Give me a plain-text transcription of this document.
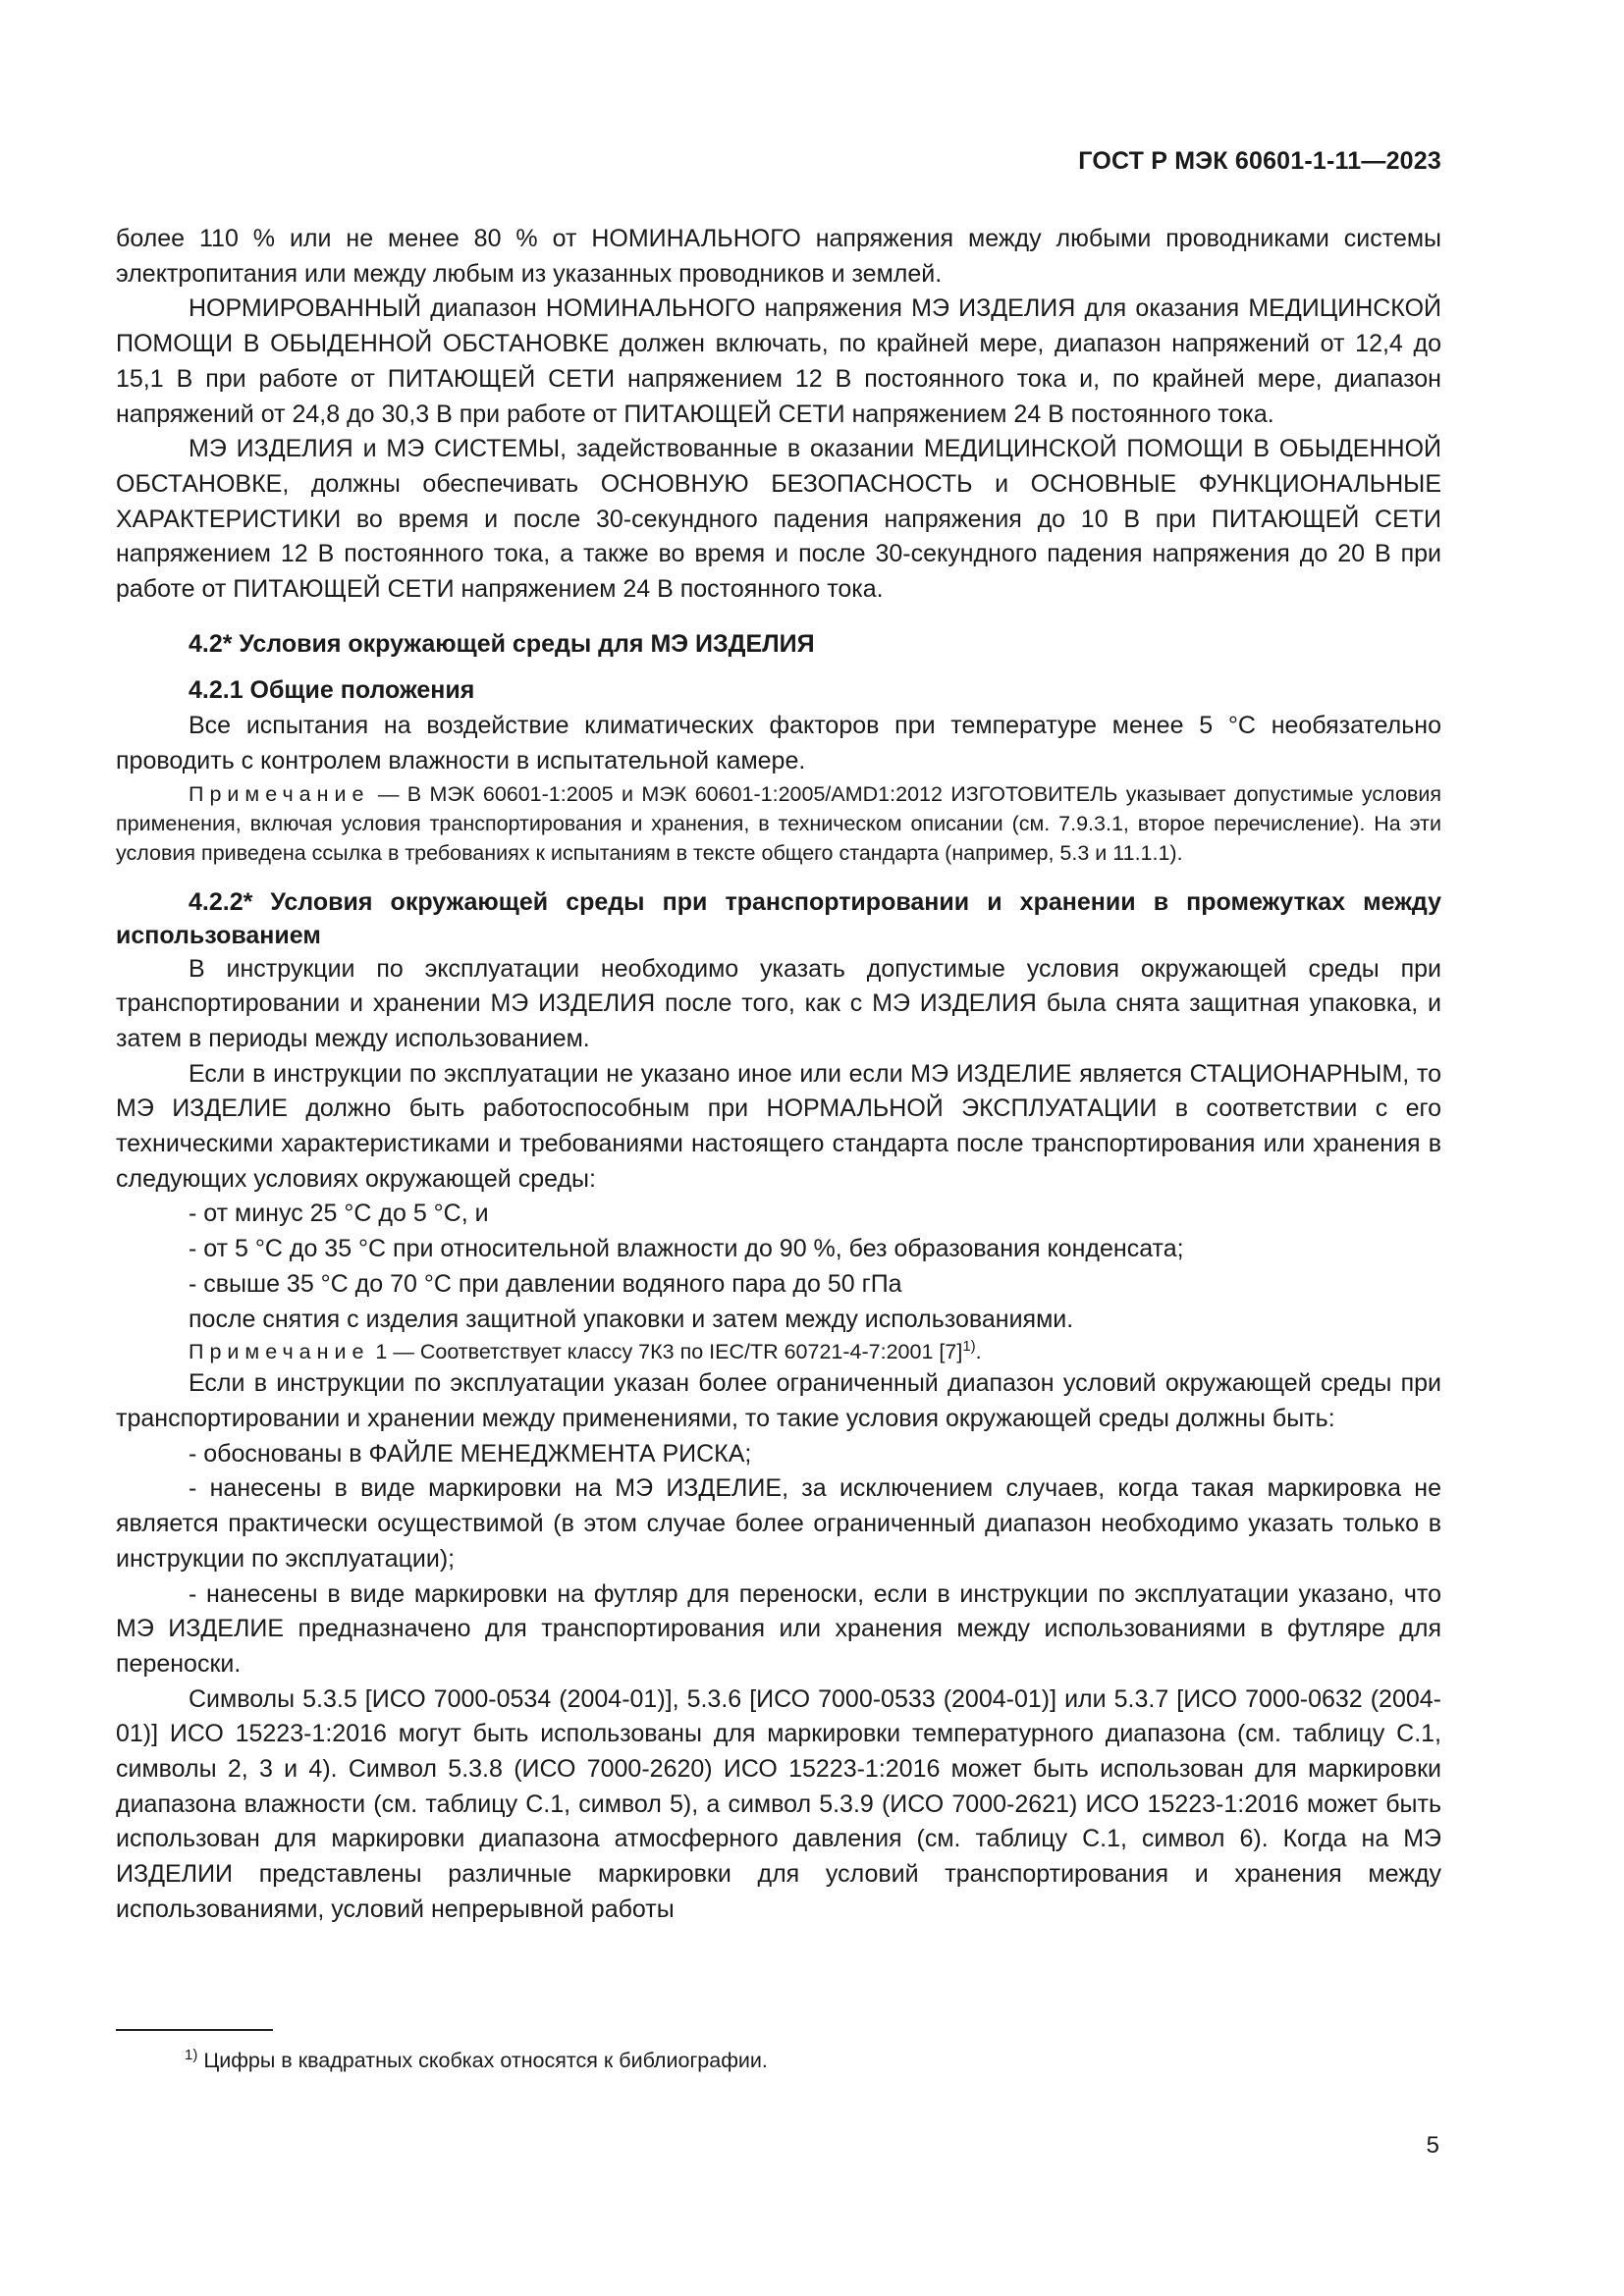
ГОСТ Р МЭК 60601-1-11—2023

более 110 % или не менее 80 % от НОМИНАЛЬНОГО напряжения между любыми проводниками системы электропитания или между любым из указанных проводников и землей.

НОРМИРОВАННЫЙ диапазон НОМИНАЛЬНОГО напряжения МЭ ИЗДЕЛИЯ для оказания МЕДИЦИНСКОЙ ПОМОЩИ В ОБЫДЕННОЙ ОБСТАНОВКЕ должен включать, по крайней мере, диапазон напряжений от 12,4 до 15,1 В при работе от ПИТАЮЩЕЙ СЕТИ напряжением 12 В постоянного тока и, по крайней мере, диапазон напряжений от 24,8 до 30,3 В при работе от ПИТАЮЩЕЙ СЕТИ напряжением 24 В постоянного тока.

МЭ ИЗДЕЛИЯ и МЭ СИСТЕМЫ, задействованные в оказании МЕДИЦИНСКОЙ ПОМОЩИ В ОБЫДЕННОЙ ОБСТАНОВКЕ, должны обеспечивать ОСНОВНУЮ БЕЗОПАСНОСТЬ и ОСНОВНЫЕ ФУНКЦИОНАЛЬНЫЕ ХАРАКТЕРИСТИКИ во время и после 30-секундного падения напряжения до 10 В при ПИТАЮЩЕЙ СЕТИ напряжением 12 В постоянного тока, а также во время и после 30-секундного падения напряжения до 20 В при работе от ПИТАЮЩЕЙ СЕТИ напряжением 24 В постоянного тока.

4.2* Условия окружающей среды для МЭ ИЗДЕЛИЯ

4.2.1 Общие положения

Все испытания на воздействие климатических факторов при температуре менее 5 °С необязательно проводить с контролем влажности в испытательной камере.

Примечание — В МЭК 60601-1:2005 и МЭК 60601-1:2005/AMD1:2012 ИЗГОТОВИТЕЛЬ указывает допустимые условия применения, включая условия транспортирования и хранения, в техническом описании (см. 7.9.3.1, второе перечисление). На эти условия приведена ссылка в требованиях к испытаниям в тексте общего стандарта (например, 5.3 и 11.1.1).

4.2.2* Условия окружающей среды при транспортировании и хранении в промежутках между использованием

В инструкции по эксплуатации необходимо указать допустимые условия окружающей среды при транспортировании и хранении МЭ ИЗДЕЛИЯ после того, как с МЭ ИЗДЕЛИЯ была снята защитная упаковка, и затем в периоды между использованием.

Если в инструкции по эксплуатации не указано иное или если МЭ ИЗДЕЛИЕ является СТАЦИОНАРНЫМ, то МЭ ИЗДЕЛИЕ должно быть работоспособным при НОРМАЛЬНОЙ ЭКСПЛУАТАЦИИ в соответствии с его техническими характеристиками и требованиями настоящего стандарта после транспортирования или хранения в следующих условиях окружающей среды:

- от минус 25 °С до 5 °С, и

- от 5 °С до 35 °С при относительной влажности до 90 %, без образования конденсата;

- свыше 35 °С до 70 °С при давлении водяного пара до 50 гПа

после снятия с изделия защитной упаковки и затем между использованиями.

Примечание 1 — Соответствует классу 7К3 по IEC/TR 60721-4-7:2001 $[7]^{1)}$.

Если в инструкции по эксплуатации указан более ограниченный диапазон условий окружающей среды при транспортировании и хранении между применениями, то такие условия окружающей среды должны быть:

- обоснованы в ФАЙЛЕ МЕНЕДЖМЕНТА РИСКА;

- нанесены в виде маркировки на МЭ ИЗДЕЛИЕ, за исключением случаев, когда такая маркировка не является практически осуществимой (в этом случае более ограниченный диапазон необходимо указать только в инструкции по эксплуатации);

- нанесены в виде маркировки на футляр для переноски, если в инструкции по эксплуатации указано, что МЭ ИЗДЕЛИЕ предназначено для транспортирования или хранения между использованиями в футляре для переноски.

Символы 5.3.5 [ИСО 7000-0534 (2004-01)], 5.3.6 [ИСО 7000-0533 (2004-01)] или 5.3.7 [ИСО 7000-0632 (2004-01)] ИСО 15223-1:2016 могут быть использованы для маркировки температурного диапазона (см. таблицу С.1, символы 2, 3 и 4). Символ 5.3.8 (ИСО 7000-2620) ИСО 15223-1:2016 может быть использован для маркировки диапазона влажности (см. таблицу С.1, символ 5), а символ 5.3.9 (ИСО 7000-2621) ИСО 15223-1:2016 может быть использован для маркировки диапазона атмосферного давления (см. таблицу С.1, символ 6). Когда на МЭ ИЗДЕЛИИ представлены различные маркировки для условий транспортирования и хранения между использованиями, условий непрерывной работы

$^{1)}$ Цифры в квадратных скобках относятся к библиографии.
5
